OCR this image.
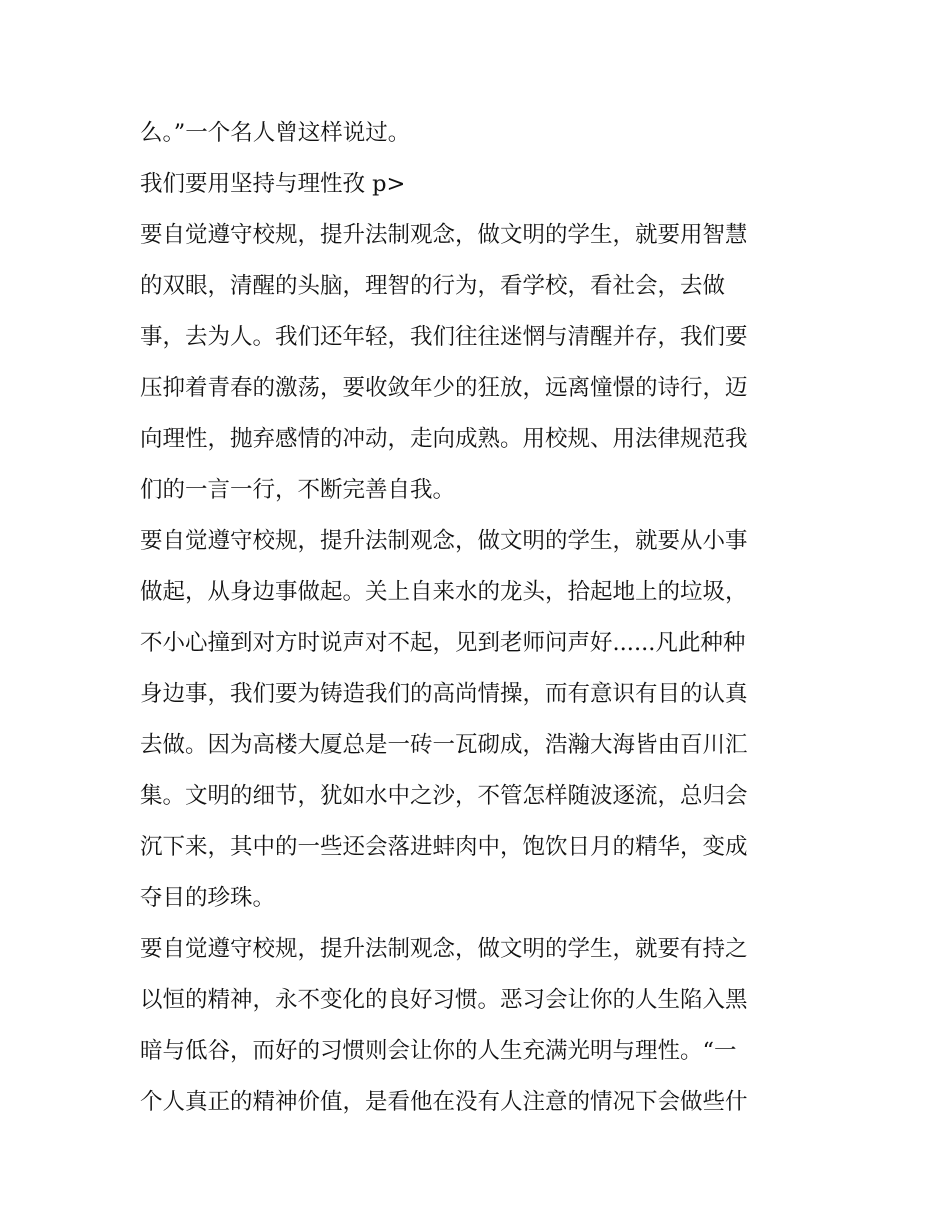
么。”一个名人曾这样说过。
我们要用坚持与理性孜 p>
要自觉遵守校规，提升法制观念，做文明的学生，就要用智慧
的双眼，清醒的头脑，理智的行为，看学校，看社会，去做
事，去为人。我们还年轻，我们往往迷惘与清醒并存，我们要
压抑着青春的激荡，要收敛年少的狂放，远离憧憬的诗行，迈
向理性，抛弃感情的冲动，走向成熟。用校规、用法律规范我
们的一言一行，不断完善自我。
要自觉遵守校规，提升法制观念，做文明的学生，就要从小事
做起，从身边事做起。关上自来水的龙头，拾起地上的垃圾，
不小心撞到对方时说声对不起，见到老师问声好......凡此种种
身边事，我们要为铸造我们的高尚情操，而有意识有目的认真
去做。因为高楼大厦总是一砖一瓦砌成，浩瀚大海皆由百川汇
集。文明的细节，犹如水中之沙，不管怎样随波逐流，总归会
沉下来，其中的一些还会落进蚌肉中，饱饮日月的精华，变成
夺目的珍珠。
要自觉遵守校规，提升法制观念，做文明的学生，就要有持之
以恒的精神，永不变化的良好习惯。恶习会让你的人生陷入黑
暗与低谷，而好的习惯则会让你的人生充满光明与理性。“一
个人真正的精神价值，是看他在没有人注意的情况下会做些什
